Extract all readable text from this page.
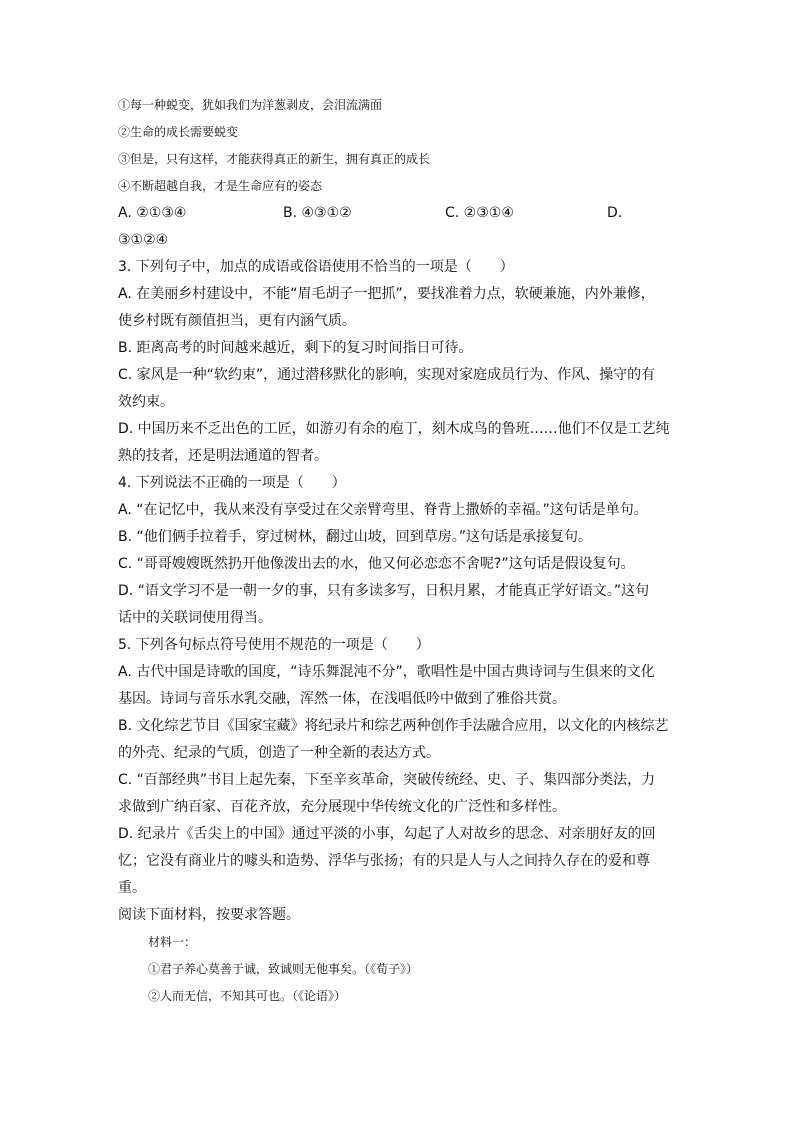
①每一种蜕变，犹如我们为洋葱剥皮，会泪流满面
②生命的成长需要蜕变
③但是，只有这样，才能获得真正的新生，拥有真正的成长
④不断超越自我，才是生命应有的姿态
A. ②①③④	B. ④③①②	C. ②③①④	D.
③①②④
3. 下列句子中，加点的成语或俗语使用不恰当的一项是（　　）
A. 在美丽乡村建设中，不能“眉毛胡子一把抓”，要找准着力点，软硬兼施，内外兼修，
使乡村既有颜值担当，更有内涵气质。
B. 距离高考的时间越来越近，剩下的复习时间指日可待。
C. 家风是一种“软约束”，通过潜移默化的影响，实现对家庭成员行为、作风、操守的有
效约束。
D. 中国历来不乏出色的工匠，如游刃有余的庖丁，刻木成鸟的鲁班……他们不仅是工艺纯
熟的技者，还是明法通道的智者。
4. 下列说法不正确的一项是（　　）
A. “在记忆中，我从来没有享受过在父亲臂弯里、脊背上撒娇的幸福。”这句话是单句。
B. “他们俩手拉着手，穿过树林，翻过山坡，回到草房。”这句话是承接复句。
C. “哥哥嫂嫂既然扔开他像泼出去的水，他又何必恋恋不舍呢?”这句话是假设复句。
D. “语文学习不是一朝一夕的事，只有多读多写，日积月累，才能真正学好语文。”这句
话中的关联词使用得当。
5. 下列各句标点符号使用不规范的一项是（　　）
A. 古代中国是诗歌的国度，“诗乐舞混沌不分”，歌唱性是中国古典诗词与生俱来的文化
基因。诗词与音乐水乳交融，浑然一体，在浅唱低吟中做到了雅俗共赏。
B. 文化综艺节目《国家宝藏》将纪录片和综艺两种创作手法融合应用，以文化的内核综艺
的外壳、纪录的气质，创造了一种全新的表达方式。
C. “百部经典”书目上起先秦，下至辛亥革命，突破传统经、史、子、集四部分类法，力
求做到广纳百家、百花齐放，充分展现中华传统文化的广泛性和多样性。
D. 纪录片《舌尖上的中国》通过平淡的小事，勾起了人对故乡的思念、对亲朋好友的回
忆；它没有商业片的噱头和造势、浮华与张扬；有的只是人与人之间持久存在的爱和尊
重。
阅读下面材料，按要求答题。
材料一：
①君子养心莫善于诚，致诚则无他事矣。（《荀子》）
②人而无信，不知其可也。（《论语》）
